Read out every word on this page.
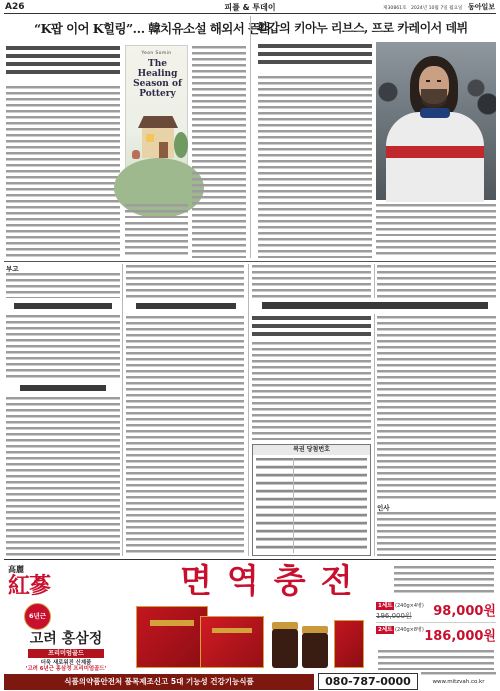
A26	피플 & 투데이	제30861호 2024년 10월 7일 월요일 동아일보
“K팝 이어 K힐링”… 韓치유소설 해외서 뜬다
Yeon Somin
The Healing Season of Pottery
환갑의 키아누 리브스, 프로 카레이서 데뷔
부고
복권 당첨번호
인사
高麗
紅蔘
6년근
고려 홍삼정
프리미엄골드
더욱 새로워진 신제품
‘고려 6년근 홍삼정 프리미엄골드’
면역충전
1세트 (240g×4병)
196,000원 98,000원
2세트 (240g×8병) 186,000원
식품의약품안전처 품목제조신고 5대 기능성 건강기능식품	080-787-0000	www.mitzvah.co.kr
